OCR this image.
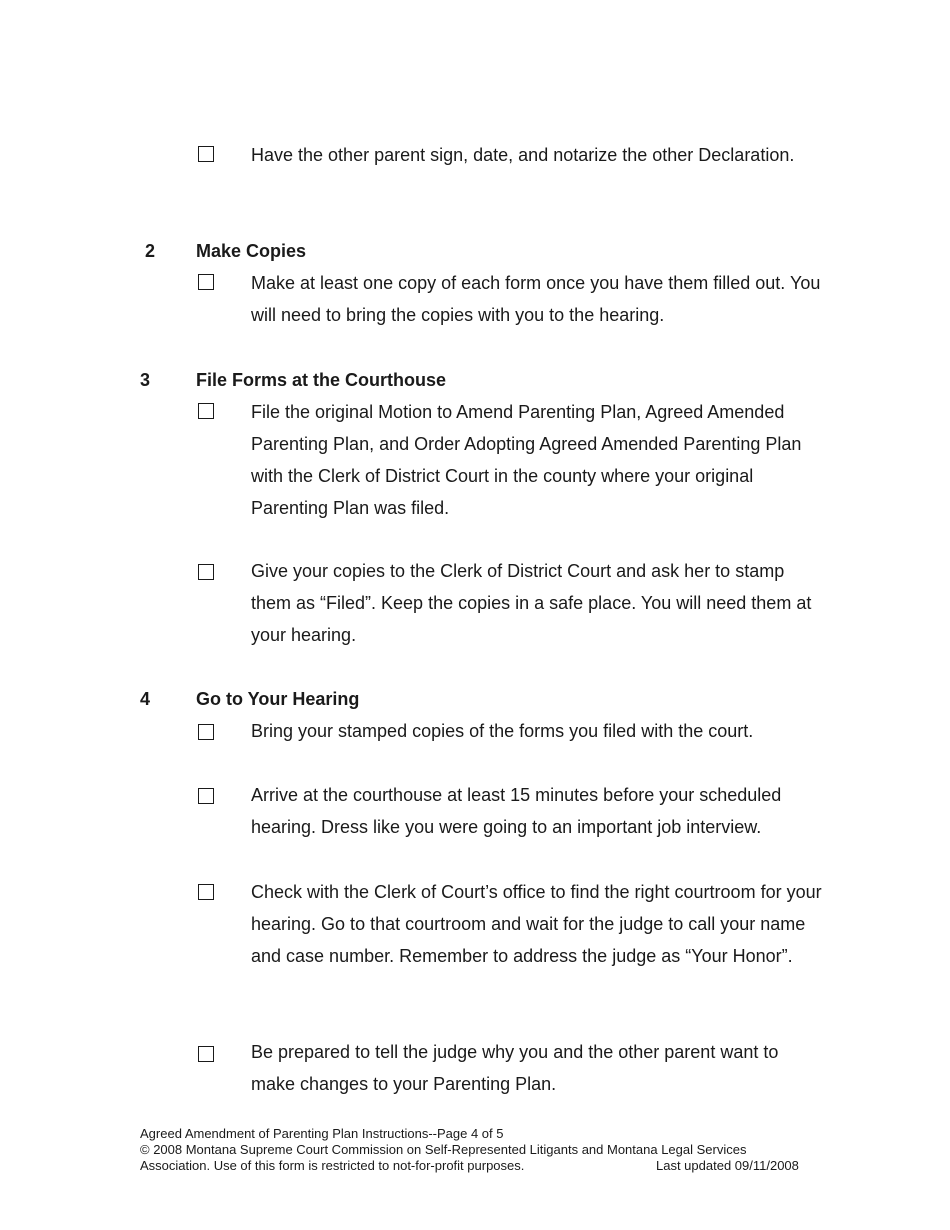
Have the other parent sign, date, and notarize the other Declaration.
2 Make Copies
Make at least one copy of each form once you have them filled out. You will need to bring the copies with you to the hearing.
3	File Forms at the Courthouse
File the original Motion to Amend Parenting Plan, Agreed Amended Parenting Plan, and Order Adopting Agreed Amended Parenting Plan with the Clerk of District Court in the county where your original Parenting Plan was filed.
Give your copies to the Clerk of District Court and ask her to stamp them as “Filed”. Keep the copies in a safe place. You will need them at your hearing.
4	Go to Your Hearing
Bring your stamped copies of the forms you filed with the court.
Arrive at the courthouse at least 15 minutes before your scheduled hearing. Dress like you were going to an important job interview.
Check with the Clerk of Court’s office to find the right courtroom for your hearing. Go to that courtroom and wait for the judge to call your name and case number. Remember to address the judge as “Your Honor”.
Be prepared to tell the judge why you and the other parent want to make changes to your Parenting Plan.
Agreed Amendment of Parenting Plan Instructions--Page 4 of 5
© 2008 Montana Supreme Court Commission on Self-Represented Litigants and Montana Legal Services
Association. Use of this form is restricted to not-for-profit purposes.	Last updated 09/11/2008
